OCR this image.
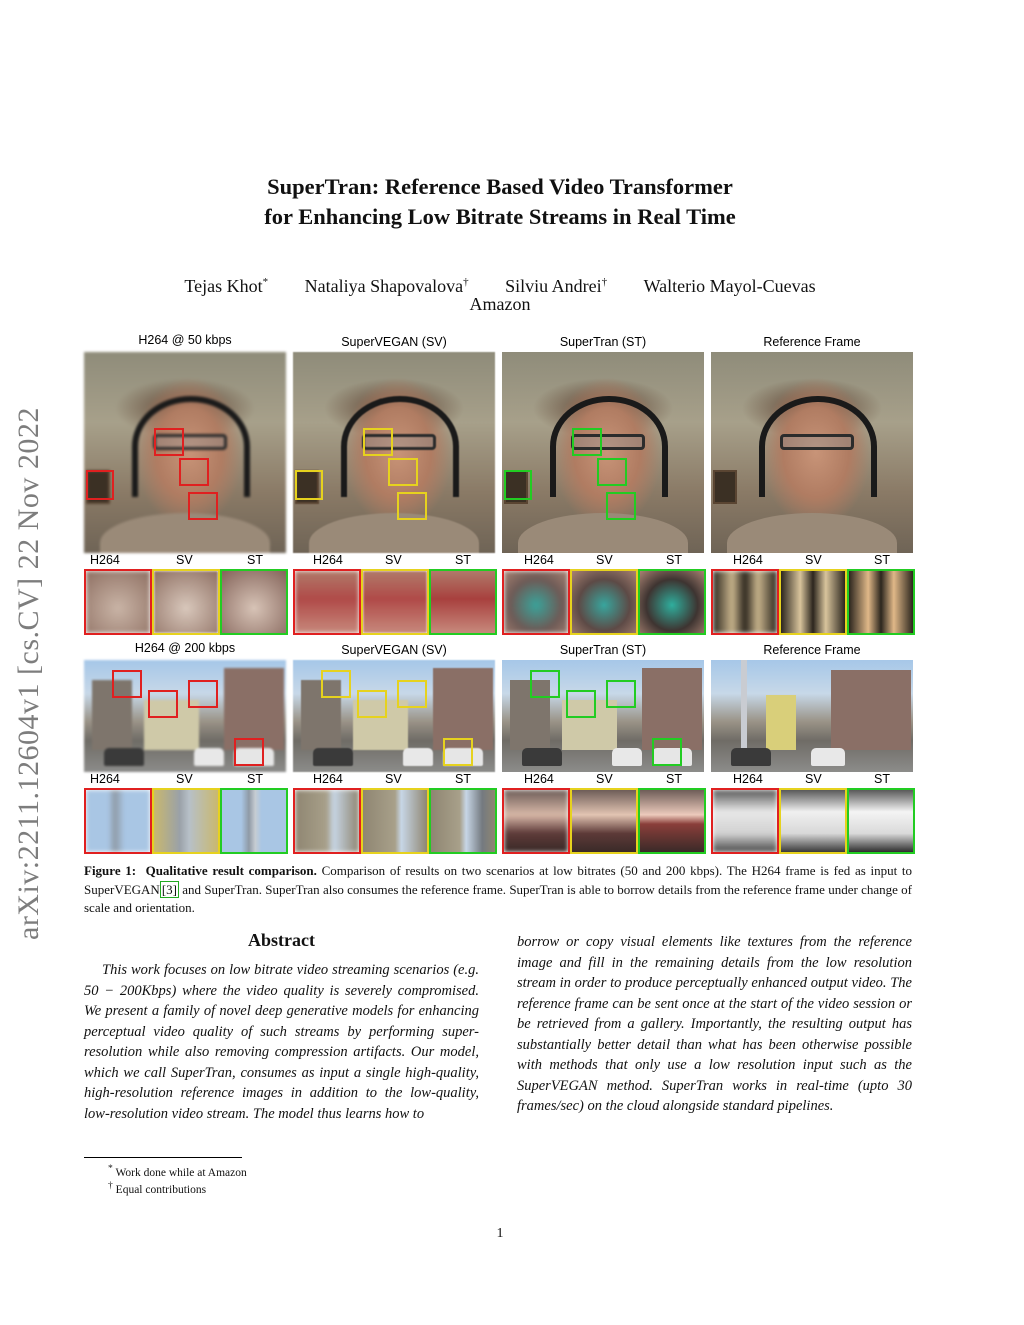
arXiv:2211.12604v1 [cs.CV] 22 Nov 2022
SuperTran: Reference Based Video Transformer
for Enhancing Low Bitrate Streams in Real Time
Tejas Khot* Nataliya Shapovalova† Silviu Andrei† Walterio Mayol-Cuevas
Amazon
H264 @ 50 kbps	SuperVEGAN (SV)	SuperTran (ST)	Reference Frame
H264	SV	ST	H264	SV	ST	H264	SV	ST	H264	SV	ST
H264 @ 200 kbps	SuperVEGAN (SV)	SuperTran (ST)	Reference Frame
H264	SV	ST	H264	SV	ST	H264	SV	ST	H264	SV	ST
Figure 1: Qualitative result comparison. Comparison of results on two scenarios at low bitrates (50 and 200 kbps). The H264 frame is fed as input to SuperVEGAN [3] and SuperTran. SuperTran also consumes the reference frame. SuperTran is able to borrow details from the reference frame under change of scale and orientation.
Abstract

This work focuses on low bitrate video streaming scenarios (e.g. 50 − 200Kbps) where the video quality is severely compromised. We present a family of novel deep generative models for enhancing perceptual video quality of such streams by performing super-resolution while also removing compression artifacts. Our model, which we call SuperTran, consumes as input a single high-quality, high-resolution reference images in addition to the low-quality, low-resolution video stream. The model thus learns how to

borrow or copy visual elements like textures from the reference image and fill in the remaining details from the low resolution stream in order to produce perceptually enhanced output video. The reference frame can be sent once at the start of the video session or be retrieved from a gallery. Importantly, the resulting output has substantially better detail than what has been otherwise possible with methods that only use a low resolution input such as the SuperVEGAN method. SuperTran works in real-time (upto 30 frames/sec) on the cloud alongside standard pipelines.

* Work done while at Amazon
† Equal contributions
1
